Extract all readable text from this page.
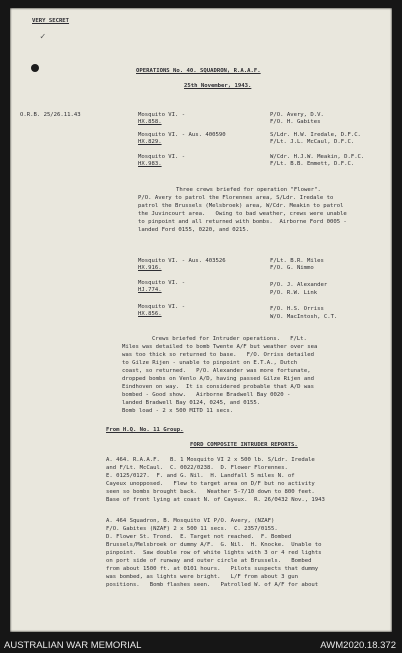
✓
VERY SECRET
OPERATIONS No. 40. SQUADRON, R.A.A.F.
25th November, 1943.
O.R.B. 25/26.11.43	Mosquito VI. -
HX.858.
P/O. Avery, D.V.
F/O. H. Gabites
Mosquito VI. - Aus. 400590
HX.829.
S/Ldr. H.W. Iredale, D.F.C.
F/Lt. J.L. McCaul, D.F.C.
Mosquito VI. -
HX.983.
W/Cdr. H.J.W. Meakin, D.F.C.
F/Lt. B.B. Emmett, D.F.C.
Three crews briefed for operation "Flower".
P/O. Avery to patrol the Florennes area, S/Ldr. Iredale to
patrol the Brussels (Melsbroek) area, W/Cdr. Meakin to patrol
the Juvincourt area.   Owing to bad weather, crews were unable
to pinpoint and all returned with bombs.  Airborne Ford 0005 -
landed Ford 0155, 0220, and 0215.
Mosquito VI. - Aus. 403526
HX.916.
F/Lt. B.R. Miles
F/O. G. Nimmo
Mosquito VI. -
HJ.774.
P/O. J. Alexander
P/O. R.W. Link
Mosquito VI. -
HX.856.
F/O. H.S. Orriss
W/O. MacIntosh, C.T.
Crews briefed for Intruder operations.   F/Lt.
Miles was detailed to bomb Twente A/F but weather over sea
was too thick so returned to base.   F/O. Orriss detailed
to Gilze Rijen - unable to pinpoint on E.T.A., Dutch
coast, so returned.   P/O. Alexander was more fortunate,
dropped bombs on Venlo A/D, having passed Gilze Rijen and
Eindhoven on way.  It is considered probable that A/D was
bombed - Good show.   Airborne Bradwell Bay 0020 -
landed Bradwell Bay 0124, 0245, and 0155.
Bomb load - 2 x 500 MITD 11 secs.
From H.Q. No. 11 Group.
FORD COMPOSITE INTRUDER REPORTS.
A. 464. R.A.A.F.   B. 1 Mosquito VI 2 x 500 lb. S/Ldr. Iredale
and F/Lt. McCaul.  C. 0022/0238.  D. Flower Florennes.
E. 0125/0127.  F. and G. Nil.  H. Landfall 5 miles N. of
Cayeux unopposed.   Flew to target area on D/F but no activity
seen so bombs brought back.   Weather 5-7/10 down to 800 feet.
Base of front lying at coast N. of Cayeux.  R. 26/0432 Nov., 1943
A. 464 Squadron, B. Mosquito VI P/O. Avery, (NZAF)
F/O. Gabites (NZAF) 2 x 500 11 secs.  C. 2357/0155.
D. Flower St. Trond.  E. Target not reached.  F. Bombed
Brussels/Melsbroek or dummy A/F.  G. Nil.  H. Knocke.  Unable to
pinpoint.  Saw double row of white lights with 3 or 4 red lights
on port side of runway and outer circle at Brussels.   Bombed
from about 1500 ft. at 0101 hours.   Pilots suspects that dummy
was bombed, as lights were bright.   L/F from about 3 gun
positions.   Bomb flashes seen.   Patrolled W. of A/F for about
AUSTRALIAN WAR MEMORIAL	AWM2020.18.372
